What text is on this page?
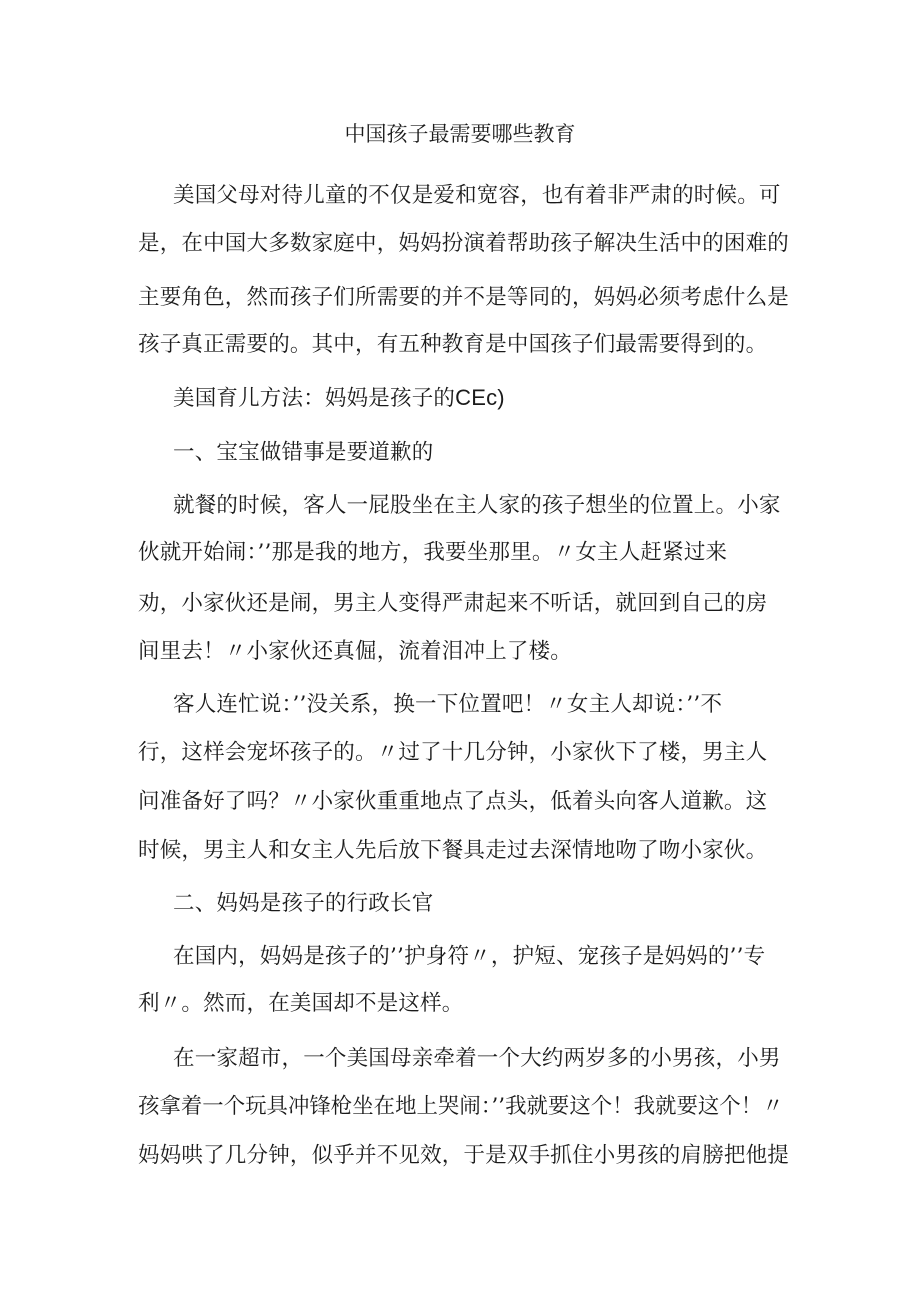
中国孩子最需要哪些教育

美国父母对待儿童的不仅是爱和宽容，也有着非严肃的时候。可

是，在中国大多数家庭中，妈妈扮演着帮助孩子解决生活中的困难的

主要角色，然而孩子们所需要的并不是等同的，妈妈必须考虑什么是

孩子真正需要的。其中，有五种教育是中国孩子们最需要得到的。

美国育儿方法：妈妈是孩子的CEc)

一、宝宝做错事是要道歉的

就餐的时候，客人一屁股坐在主人家的孩子想坐的位置上。小家

伙就开始闹：’’那是我的地方，我要坐那里。〃女主人赶紧过来

劝，小家伙还是闹，男主人变得严肃起来不听话，就回到自己的房

间里去！〃小家伙还真倔，流着泪冲上了楼。

客人连忙说：’’没关系，换一下位置吧！〃女主人却说：’’不

行，这样会宠坏孩子的。〃过了十几分钟，小家伙下了楼，男主人

问准备好了吗？〃小家伙重重地点了点头，低着头向客人道歉。这

时候，男主人和女主人先后放下餐具走过去深情地吻了吻小家伙。

二、妈妈是孩子的行政长官

在国内，妈妈是孩子的’’护身符〃，护短、宠孩子是妈妈的’’专

利〃。然而，在美国却不是这样。

在一家超市，一个美国母亲牵着一个大约两岁多的小男孩，小男

孩拿着一个玩具冲锋枪坐在地上哭闹：’’我就要这个！我就要这个！〃

妈妈哄了几分钟，似乎并不见效，于是双手抓住小男孩的肩膀把他提
